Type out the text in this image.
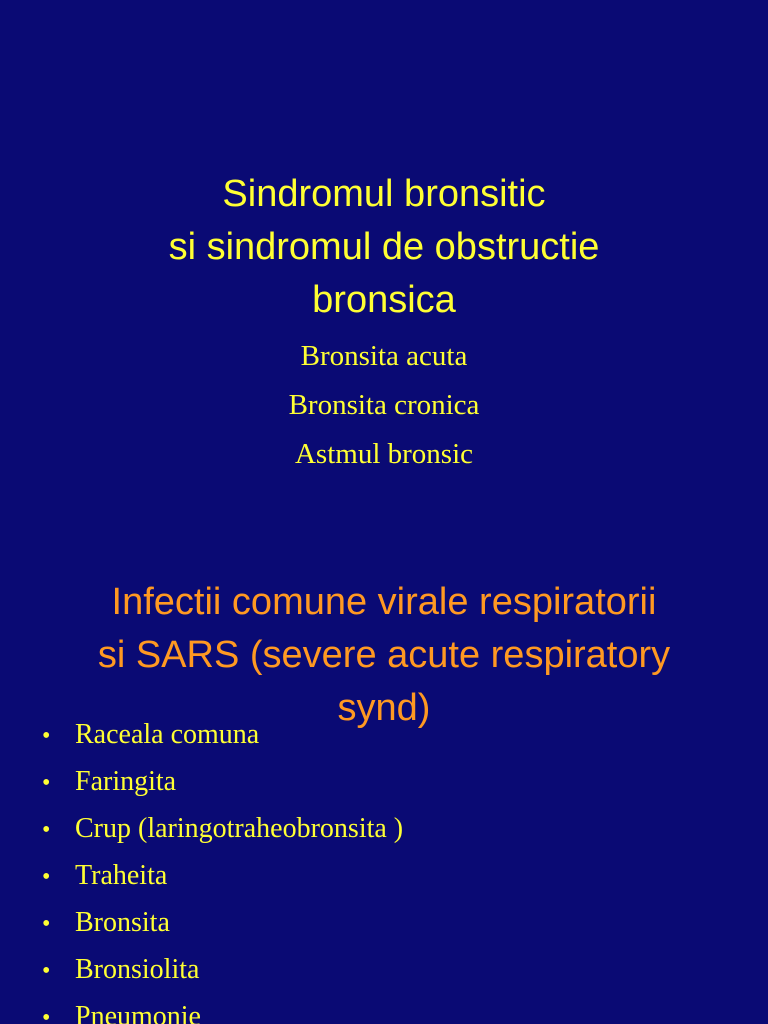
Sindromul bronsitic
si sindromul de obstructie
bronsica
Bronsita acuta
Bronsita cronica
Astmul bronsic
Infectii comune virale respiratorii
si SARS (severe acute respiratory
synd)
• Raceala comuna
• Faringita
• Crup (laringotraheobronsita )
• Traheita
• Bronsita
• Bronsiolita
• Pneumonie
